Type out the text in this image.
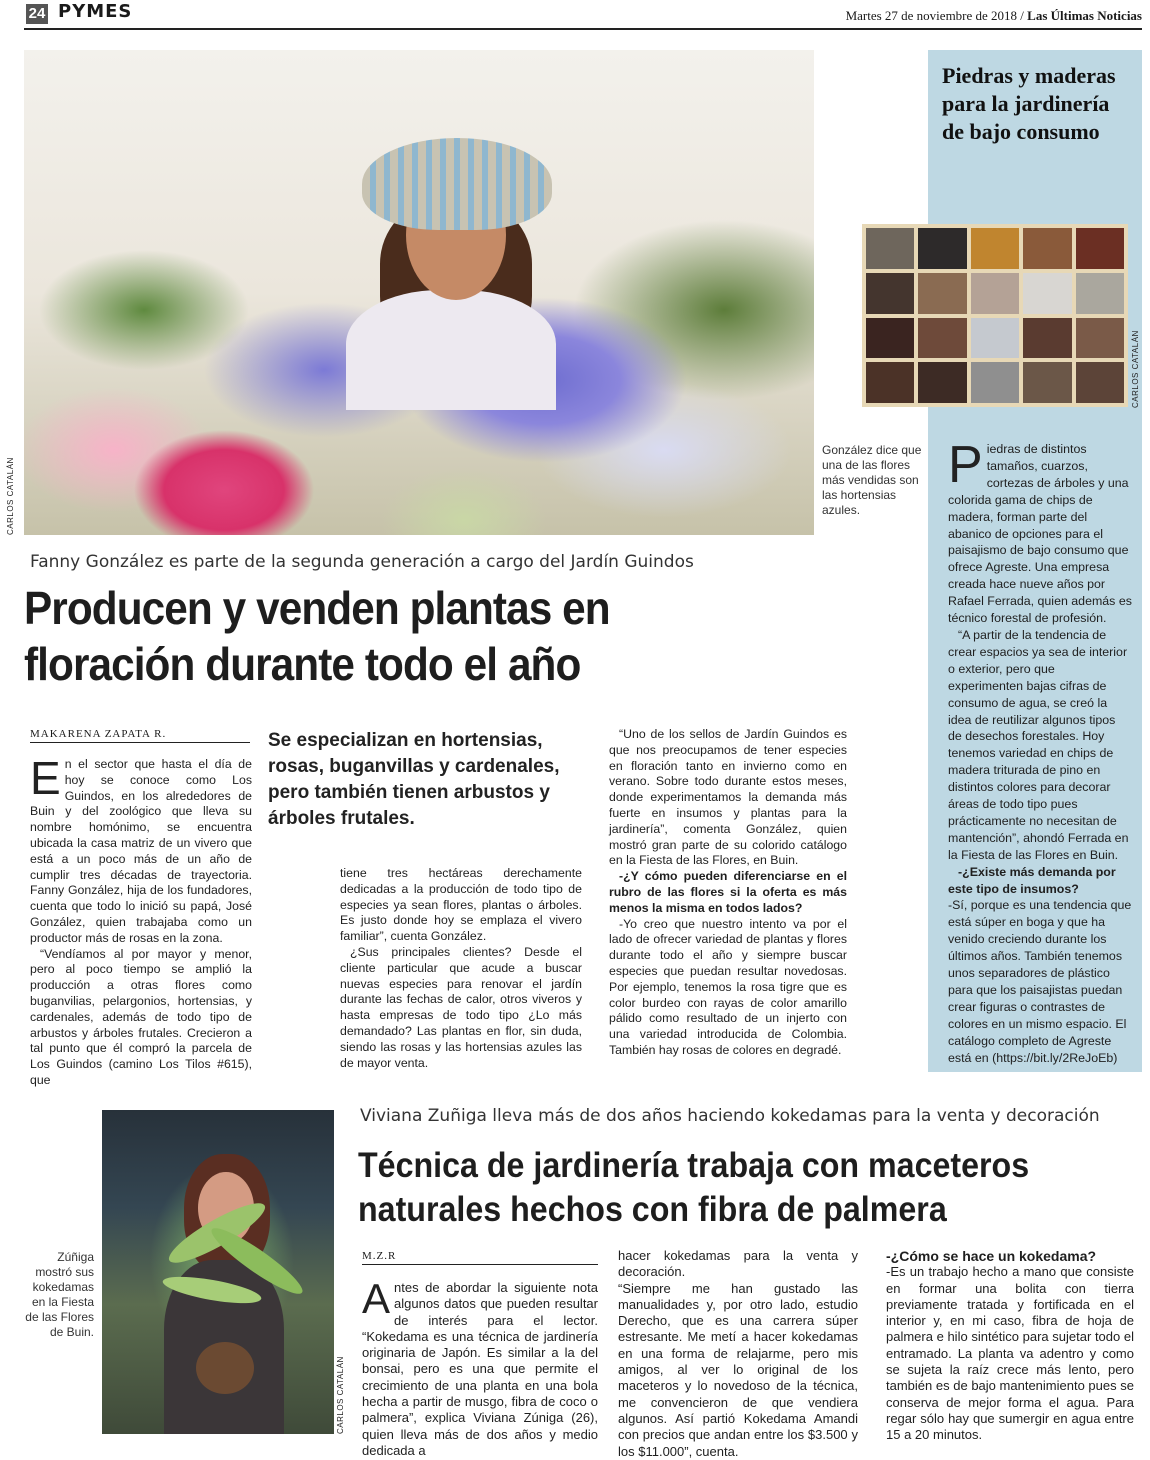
24 PYMES	Martes 27 de noviembre de 2018 / Las Últimas Noticias
CARLOS CATALÁN
González dice que una de las flores más vendidas son las hortensias azules.
Piedras y maderas para la jardinería de bajo consumo
CARLOS CATALÁN

Piedras de distintos tamaños, cuarzos, cortezas de árboles y una colorida gama de chips de madera, forman parte del abanico de opciones para el paisajismo de bajo consumo que ofrece Agreste. Una empresa creada hace nueve años por Rafael Ferrada, quien además es técnico forestal de profesión.

“A partir de la tendencia de crear espacios ya sea de interior o exterior, pero que experimenten bajas cifras de consumo de agua, se creó la idea de reutilizar algunos tipos de desechos forestales. Hoy tenemos variedad en chips de madera triturada de pino en distintos colores para decorar áreas de todo tipo pues prácticamente no necesitan de mantención”, ahondó Ferrada en la Fiesta de las Flores en Buin.

-¿Existe más demanda por este tipo de insumos?

-Sí, porque es una tendencia que está súper en boga y que ha venido creciendo durante los últimos años. También tenemos unos separadores de plástico para que los paisajistas puedan crear figuras o contrastes de colores en un mismo espacio. El catálogo completo de Agreste está en (https://bit.ly/2ReJoEb)

Fanny González es parte de la segunda generación a cargo del Jardín Guindos
Producen y venden plantas en
floración durante todo el año
MAKARENA ZAPATA R.	Se especializan en hortensias, rosas, buganvillas y cardenales, pero también tienen arbustos y árboles frutales.

En el sector que hasta el día de hoy se conoce como Los Guindos, en los alrededores de Buin y del zoológico que lleva su nombre homónimo, se encuentra ubicada la casa matriz de un vivero que está a un poco más de un año de cumplir tres décadas de trayectoria. Fanny González, hija de los fundadores, cuenta que todo lo inició su papá, José González, quien trabajaba como un productor más de rosas en la zona.

“Vendíamos al por mayor y menor, pero al poco tiempo se amplió la producción a otras flores como buganvilias, pelargonios, hortensias, y cardenales, además de todo tipo de arbustos y árboles frutales. Crecieron a tal punto que él compró la parcela de Los Guindos (camino Los Tilos #615), que

tiene tres hectáreas derechamente dedicadas a la producción de todo tipo de especies ya sean flores, plantas o árboles. Es justo donde hoy se emplaza el vivero familiar”, cuenta González.

¿Sus principales clientes? Desde el cliente particular que acude a buscar nuevas especies para renovar el jardín durante las fechas de calor, otros viveros y hasta empresas de todo tipo ¿Lo más demandado? Las plantas en flor, sin duda, siendo las rosas y las hortensias azules las de mayor venta.

“Uno de los sellos de Jardín Guindos es que nos preocupamos de tener especies en floración tanto en invierno como en verano. Sobre todo durante estos meses, donde experimentamos la demanda más fuerte en insumos y plantas para la jardinería”, comenta González, quien mostró gran parte de su colorido catálogo en la Fiesta de las Flores, en Buin.

-¿Y cómo pueden diferenciarse en el rubro de las flores si la oferta es más menos la misma en todos lados?

-Yo creo que nuestro intento va por el lado de ofrecer variedad de plantas y flores durante todo el año y siempre buscar especies que puedan resultar novedosas. Por ejemplo, tenemos la rosa tigre que es color burdeo con rayas de color amarillo pálido como resultado de un injerto con una variedad introducida de Colombia. También hay rosas de colores en degradé.

CARLOS CATALÁN
Zúñiga mostró sus kokedamas en la Fiesta de las Flores de Buin.
Viviana Zuñiga lleva más de dos años haciendo kokedamas para la venta y decoración
Técnica de jardinería trabaja con maceteros
naturales hechos con fibra de palmera
M.Z.R

Antes de abordar la siguiente nota algunos datos que pueden resultar de interés para el lector. “Kokedama es una técnica de jardinería originaria de Japón. Es similar a la del bonsai, pero es una que permite el crecimiento de una planta en una bola hecha a partir de musgo, fibra de coco o palmera”, explica Viviana Zúniga (26), quien lleva más de dos años y medio dedicada a

hacer kokedamas para la venta y decoración.

“Siempre me han gustado las manualidades y, por otro lado, estudio Derecho, que es una carrera súper estresante. Me metí a hacer kokedamas en una forma de relajarme, pero mis amigos, al ver lo original de los maceteros y lo novedoso de la técnica, me convencieron de que vendiera algunos. Así partió Kokedama Amandi con precios que andan entre los $3.500 y los $11.000”, cuenta.

-¿Cómo se hace un kokedama?

-Es un trabajo hecho a mano que consiste en formar una bolita con tierra previamente tratada y fortificada en el interior y, en mi caso, fibra de hoja de palmera e hilo sintético para sujetar todo el entramado. La planta va adentro y como se sujeta la raíz crece más lento, pero también es de bajo mantenimiento pues se conserva de mejor forma el agua. Para regar sólo hay que sumergir en agua entre 15 a 20 minutos.
